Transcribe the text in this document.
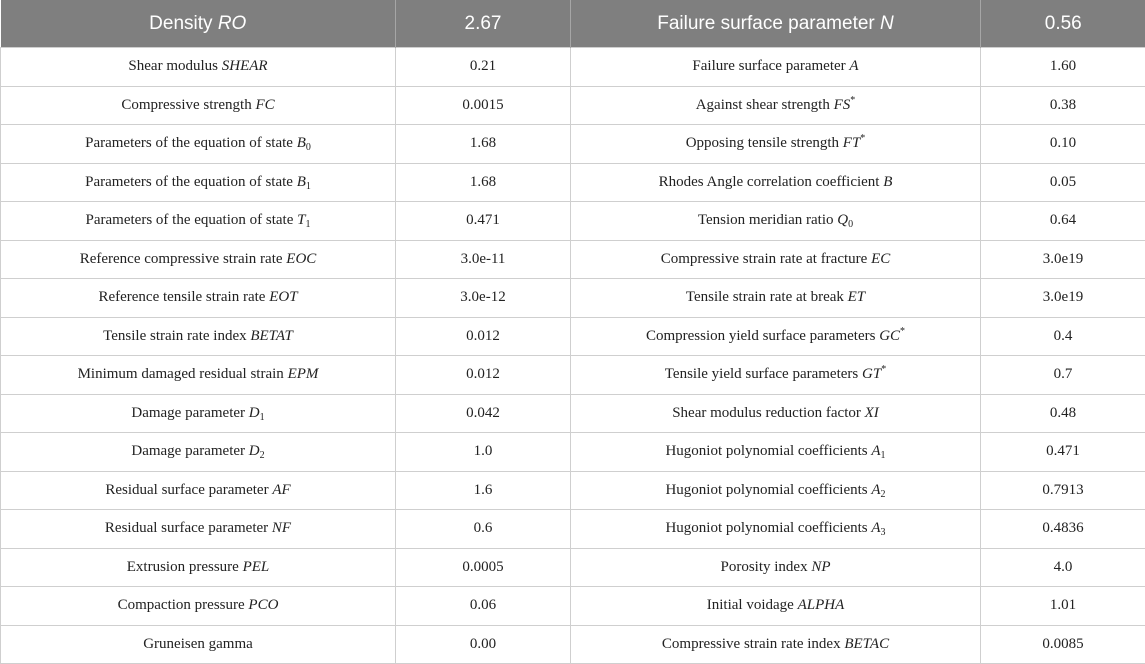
Density RO	2.67	Failure surface parameter N	0.56
Shear modulus SHEAR	0.21	Failure surface parameter A	1.60
Compressive strength FC	0.0015	Against shear strength FS*	0.38
Parameters of the equation of state $B_0$	1.68	Opposing tensile strength FT*	0.10
Parameters of the equation of state $B_1$	1.68	Rhodes Angle correlation coefficient B	0.05
Parameters of the equation of state $T_1$	0.471	Tension meridian ratio $Q_0$	0.64
Reference compressive strain rate EOC	3.0e-11	Compressive strain rate at fracture EC	3.0e19
Reference tensile strain rate EOT	3.0e-12	Tensile strain rate at break ET	3.0e19
Tensile strain rate index BETAT	0.012	Compression yield surface parameters GC*	0.4
Minimum damaged residual strain EPM	0.012	Tensile yield surface parameters GT*	0.7
Damage parameter $D_1$	0.042	Shear modulus reduction factor XI	0.48
Damage parameter $D_2$	1.0	Hugoniot polynomial coefficients $A_1$	0.471
Residual surface parameter AF	1.6	Hugoniot polynomial coefficients $A_2$	0.7913
Residual surface parameter NF	0.6	Hugoniot polynomial coefficients $A_3$	0.4836
Extrusion pressure PEL	0.0005	Porosity index NP	4.0
Compaction pressure PCO	0.06	Initial voidage ALPHA	1.01
Gruneisen gamma	0.00	Compressive strain rate index BETAC	0.0085
